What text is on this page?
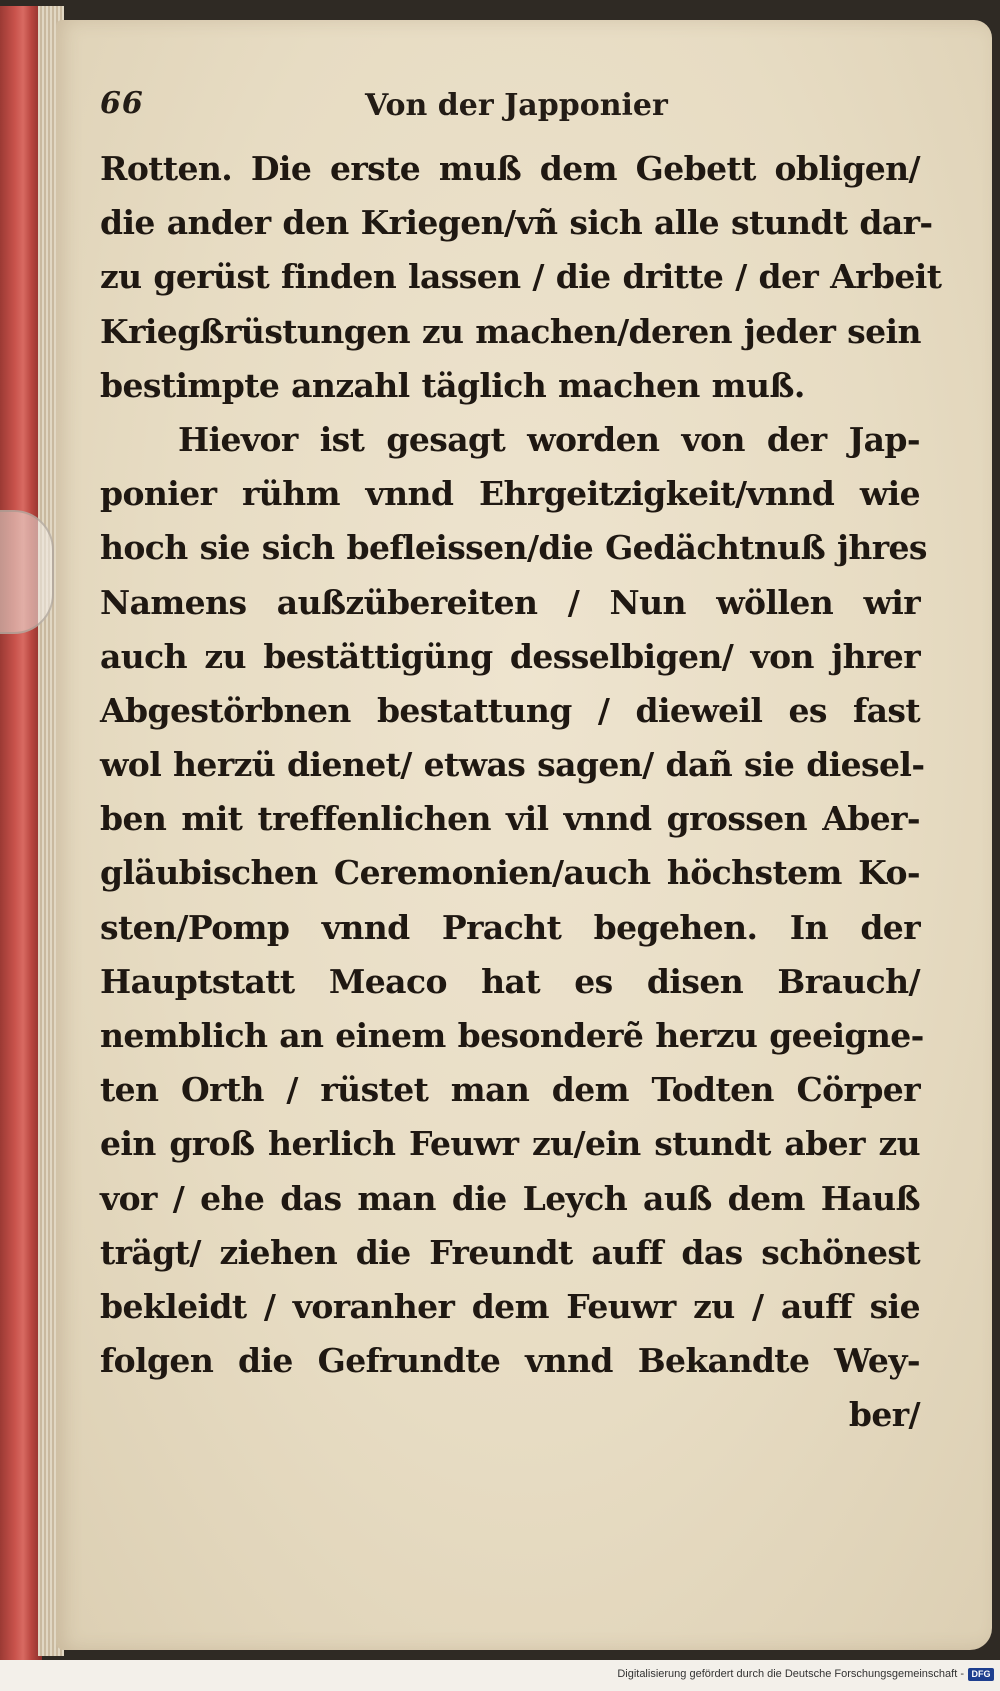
66	Von der Japponier
Rotten. Die erste muß dem Gebett obligen/
die ander den Kriegen/vñ sich alle stundt dar-
zu gerüst finden lassen / die dritte / der Arbeit
Kriegßrüstungen zu machen/deren jeder sein
bestimpte anzahl täglich machen muß.
Hievor ist gesagt worden von der Jap-
ponier rühm vnnd Ehrgeitzigkeit/vnnd wie
hoch sie sich befleissen/die Gedächtnuß jhres
Namens außzübereiten / Nun wöllen wir
auch zu bestättigüng desselbigen/ von jhrer
Abgestörbnen bestattung / dieweil es fast
wol herzü dienet/ etwas sagen/ dañ sie diesel-
ben mit treffenlichen vil vnnd grossen Aber-
gläubischen Ceremonien/auch höchstem Ko-
sten/Pomp vnnd Pracht begehen. In der
Hauptstatt Meaco hat es disen Brauch/
nemblich an einem besonderẽ herzu geeigne-
ten Orth / rüstet man dem Todten Cörper
ein groß herlich Feuwr zu/ein stundt aber zu
vor / ehe das man die Leych auß dem Hauß
trägt/ ziehen die Freundt auff das schönest
bekleidt / voranher dem Feuwr zu / auff sie
folgen die Gefrundte vnnd Bekandte Wey-
ber/
Digitalisierung gefördert durch die Deutsche Forschungsgemeinschaft - DFG
